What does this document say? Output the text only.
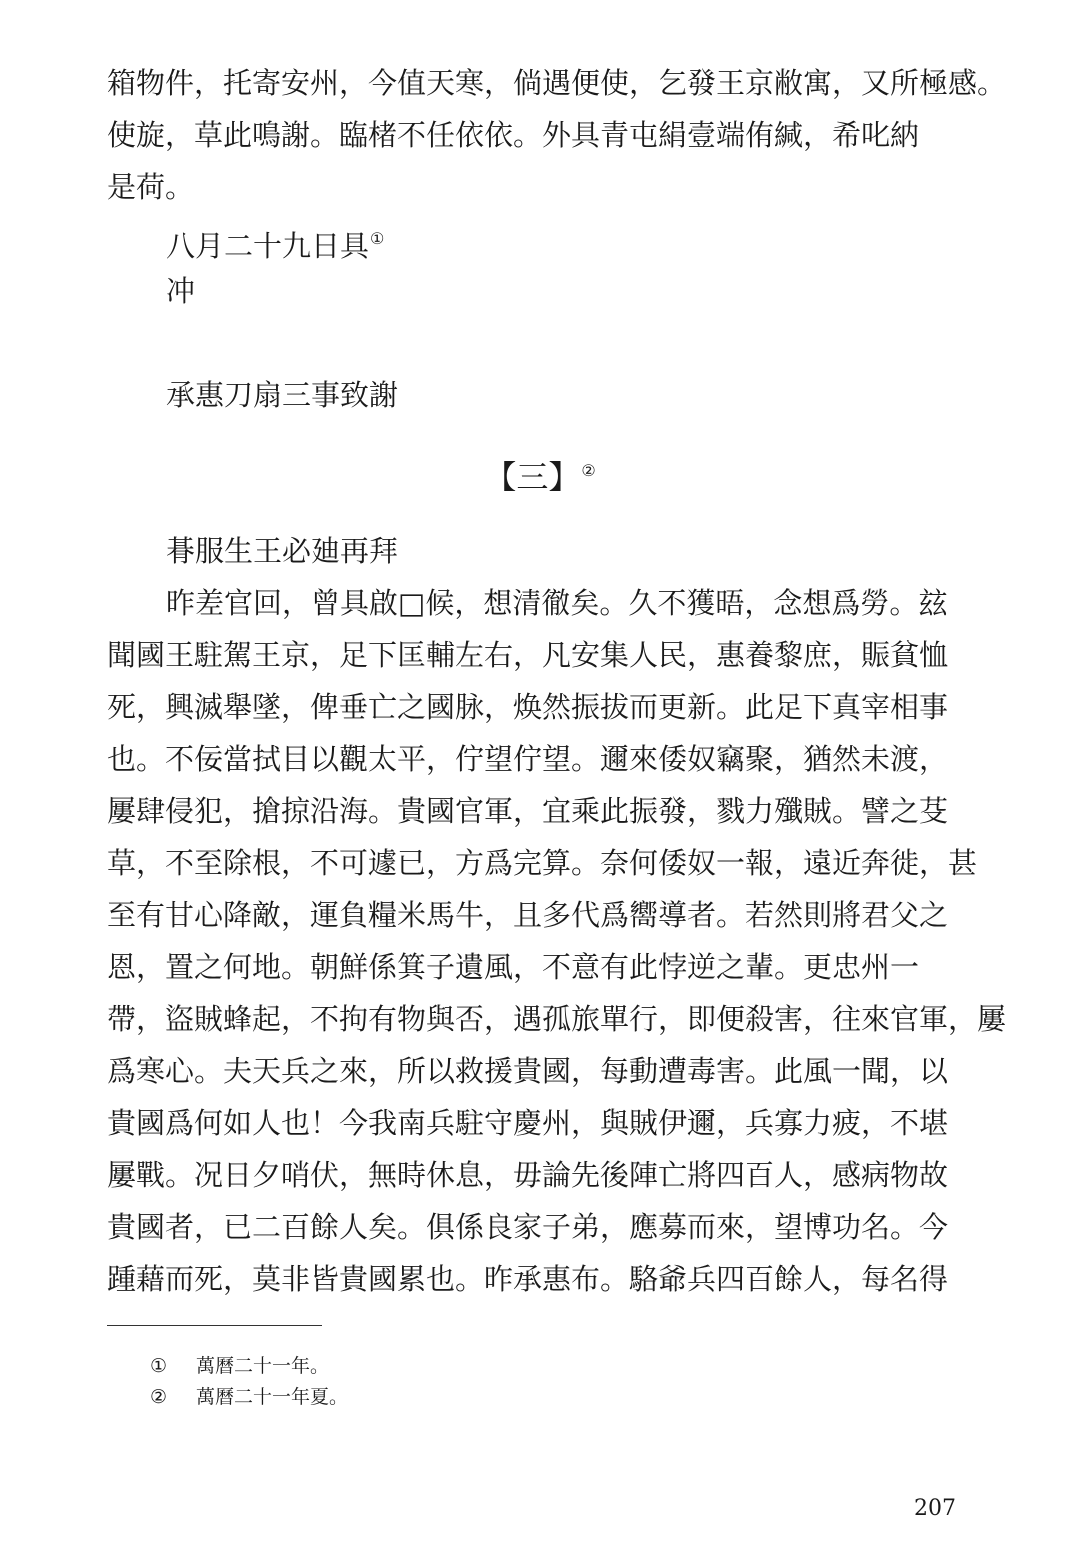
箱物件，托寄安州，今值天寒，倘遇便使，乞發王京敝寓，又所極感。
使旋，草此鳴謝。臨楮不任依依。外具青屯絹壹端侑緘，希叱納
是荷。
八月二十九日具①
冲
承惠刀扇三事致謝
【三】②
朞服生王必廸再拜
昨差官回，曾具啟□候，想清徹矣。久不獲晤，念想爲勞。玆
聞國王駐駕王京，足下匡輔左右，凡安集人民，惠養黎庶，賑貧恤
死，興滅舉墜，俾垂亡之國脉，焕然振拔而更新。此足下真宰相事
也。不佞當拭目以觀太平，佇望佇望。邇來倭奴竊聚，猶然未渡，
屢肆侵犯，搶掠沿海。貴國官軍，宜乘此振發，戮力殲賊。譬之芟
草，不至除根，不可遽已，方爲完算。奈何倭奴一報，遠近奔徙，甚
至有甘心降敵，運負糧米馬牛，且多代爲嚮導者。若然則將君父之
恩，置之何地。朝鮮係箕子遺風，不意有此悖逆之輩。更忠州一
帶，盜賊蜂起，不拘有物與否，遇孤旅單行，即便殺害，往來官軍，屢
爲寒心。夫天兵之來，所以救援貴國，每動遭毒害。此風一聞，以
貴國爲何如人也！今我南兵駐守慶州，與賊伊邇，兵寡力疲，不堪
屢戰。况日夕哨伏，無時休息，毋論先後陣亡將四百人，感病物故
貴國者，已二百餘人矣。俱係良家子弟，應募而來，望博功名。今
踵藉而死，莫非皆貴國累也。昨承惠布。駱爺兵四百餘人，每名得
① 萬曆二十一年。
② 萬曆二十一年夏。
207
